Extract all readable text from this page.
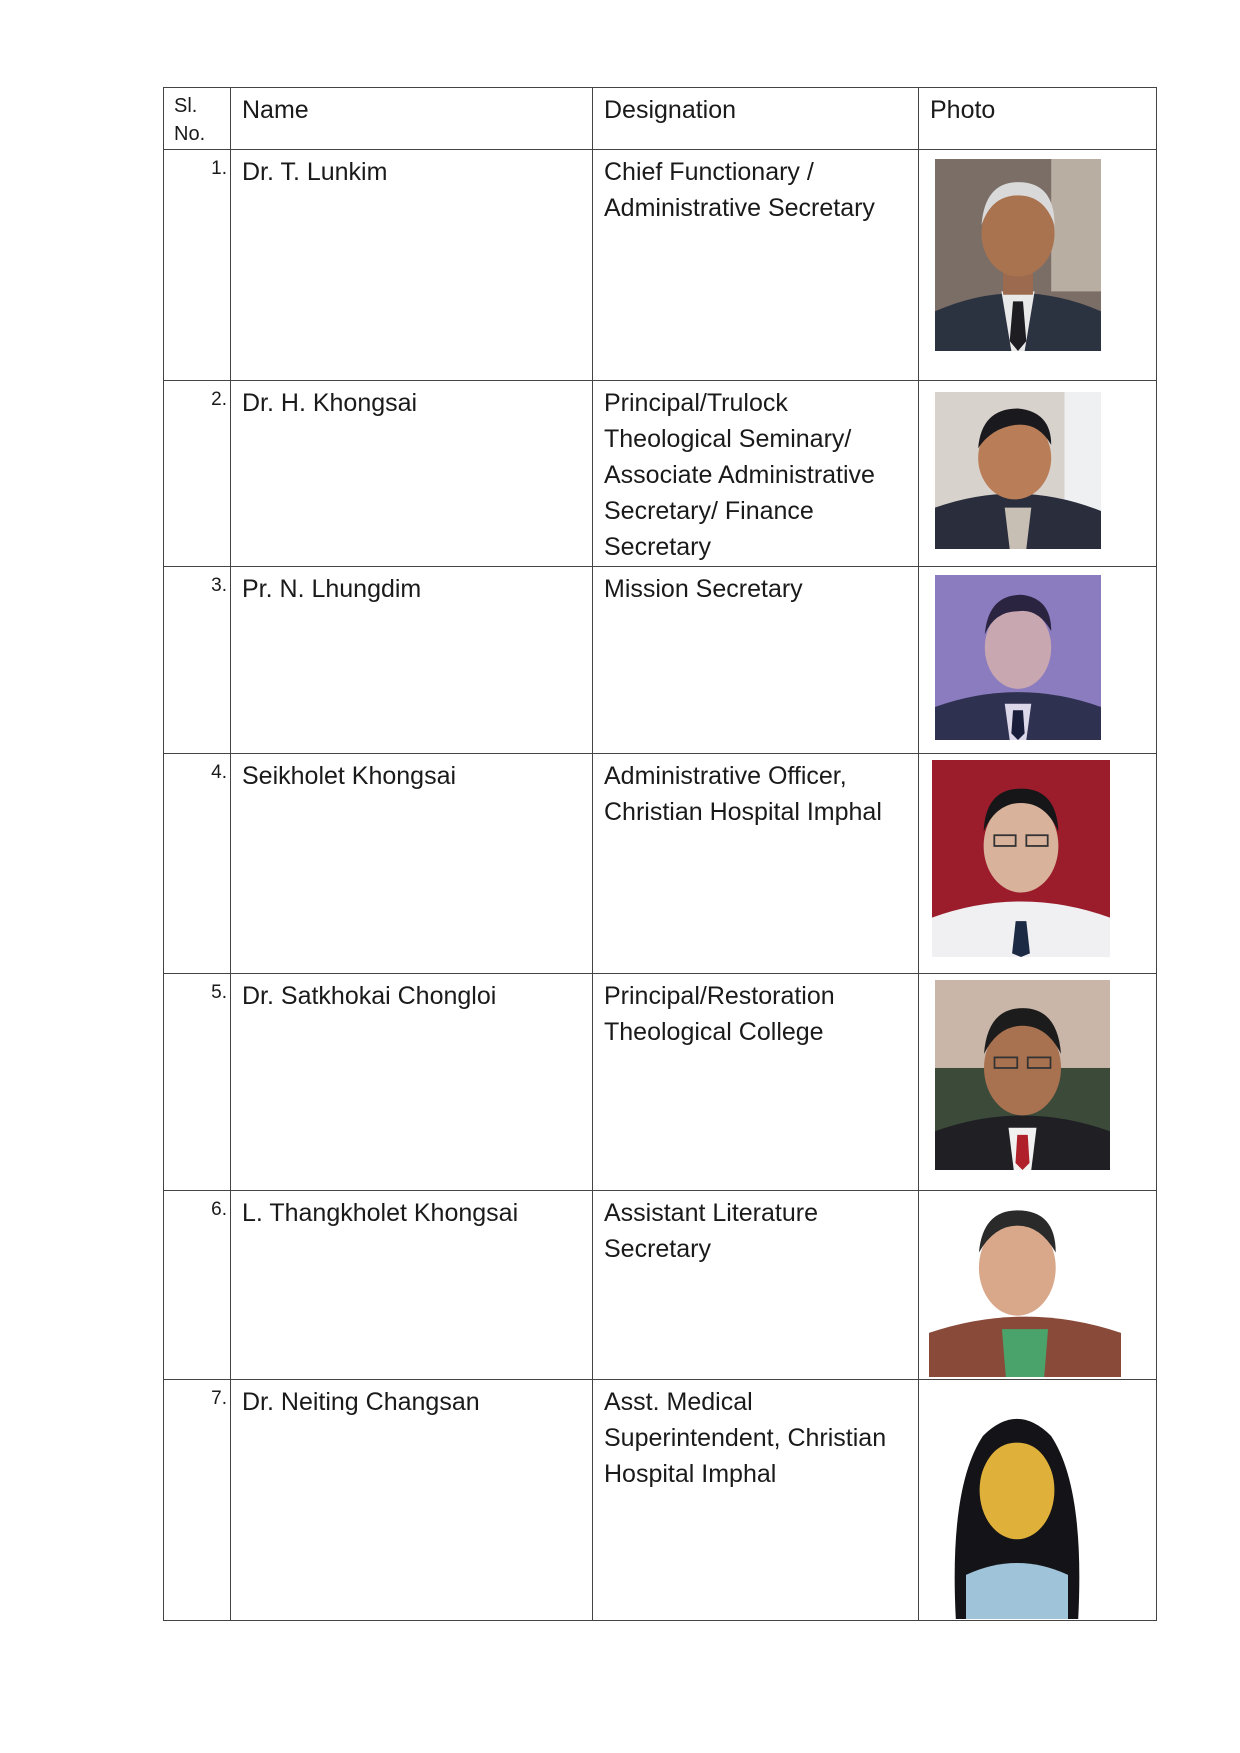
Sl. No.	Name	Designation	Photo
1.	Dr. T. Lunkim	Chief Functionary / Administrative Secretary	

2.	Dr. H. Khongsai	Principal/Trulock Theological Seminary/ Associate Administrative Secretary/ Finance Secretary	

3.	Pr. N. Lhungdim	Mission Secretary	

4.	Seikholet Khongsai	Administrative Officer, Christian Hospital Imphal	

5.	Dr. Satkhokai Chongloi	Principal/Restoration Theological College	

6.	L. Thangkholet Khongsai	Assistant Literature Secretary	

7.	Dr. Neiting Changsan	Asst. Medical Superintendent, Christian Hospital Imphal	
